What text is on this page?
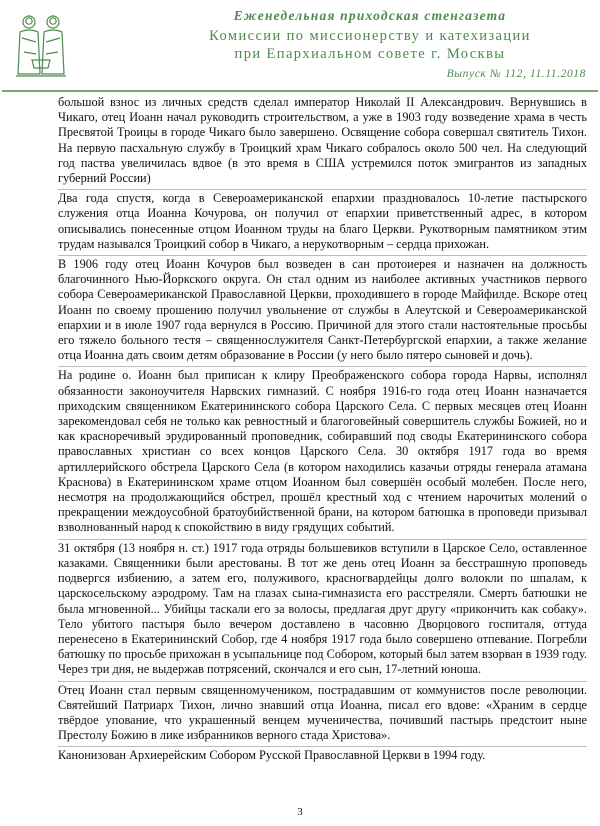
Еженедельная приходская стенгазета
Комиссии по миссионерству и катехизации
при Епархиальном совете г. Москвы
Выпуск № 112, 11.11.2018

большой взнос из личных средств сделал император Николай II Александрович. Вернувшись в Чикаго, отец Иоанн начал руководить строительством, а уже в 1903 году возведение храма в честь Пресвятой Троицы в городе Чикаго было завершено. Освящение собора совершал святитель Тихон. На первую пасхальную службу в Троицкий храм Чикаго собралось около 500 чел. На следующий год паства увеличилась вдвое (в это время в США устремился поток эмигрантов из западных губерний России)

Два года спустя, когда в Североамериканской епархии праздновалось 10-летие пастырского служения отца Иоанна Кочурова, он получил от епархии приветственный адрес, в котором описывались понесенные отцом Иоанном труды на благо Церкви. Рукотворным памятником этим трудам назывался Троицкий собор в Чикаго, а нерукотворным – сердца прихожан.

В 1906 году отец Иоанн Кочуров был возведен в сан протоиерея и назначен на должность благочинного Нью-Йоркского округа. Он стал одним из наиболее активных участников первого собора Североамериканской Православной Церкви, проходившего в городе Майфилде. Вскоре отец Иоанн по своему прошению получил увольнение от службы в Алеутской и Североамериканской епархии и в июле 1907 года вернулся в Россию. Причиной для этого стали настоятельные просьбы его тяжело больного тестя – священнослужителя Санкт-Петербургской епархии, а также желание отца Иоанна дать своим детям образование в России (у него было пятеро сыновей и дочь).

На родине о. Иоанн был приписан к клиру Преображенского собора города Нарвы, исполнял обязанности законоучителя Нарвских гимназий. С ноября 1916-го года отец Иоанн назначается приходским священником Екатерининского собора Царского Села. С первых месяцев отец Иоанн зарекомендовал себя не только как ревностный и благоговейный совершитель службы Божией, но и как красноречивый эрудированный проповедник, собиравший под своды Екатерининского собора православных христиан со всех концов Царского Села. 30 октября 1917 года во время артиллерийского обстрела Царского Села (в котором находились казачьи отряды генерала атамана Краснова) в Екатерининском храме отцом Иоанном был совершён особый молебен. После него, несмотря на продолжающийся обстрел, прошёл крестный ход с чтением нарочитых молений о прекращении междоусобной братоубийственной брани, на котором батюшка в проповеди призывал взволнованный народ к спокойствию в виду грядущих событий.

31 октября (13 ноября н. ст.) 1917 года отряды большевиков вступили в Царское Село, оставленное казаками. Священники были арестованы. В тот же день отец Иоанн за бесстрашную проповедь подвергся избиению, а затем его, полуживого, красногвардейцы долго волокли по шпалам, к царскосельскому аэродрому. Там на глазах сына-гимназиста его расстреляли. Смерть батюшки не была мгновенной... Убийцы таскали его за волосы, предлагая друг другу «прикончить как собаку». Тело убитого пастыря было вечером доставлено в часовню Дворцового госпиталя, оттуда перенесено в Екатерининский Собор, где 4 ноября 1917 года было совершено отпевание. Погребли батюшку по просьбе прихожан в усыпальнице под Собором, который был затем взорван в 1939 году. Через три дня, не выдержав потрясений, скончался и его сын, 17-летний юноша.

Отец Иоанн стал первым священномучеником, пострадавшим от коммунистов после революции. Святейший Патриарх Тихон, лично знавший отца Иоанна, писал его вдове: «Храним в сердце твёрдое упование, что украшенный венцем мученичества, почивший пастырь предстоит ныне Престолу Божию в лике избранников верного стада Христова».

Канонизован Архиерейским Собором Русской Православной Церкви в 1994 году.

3
